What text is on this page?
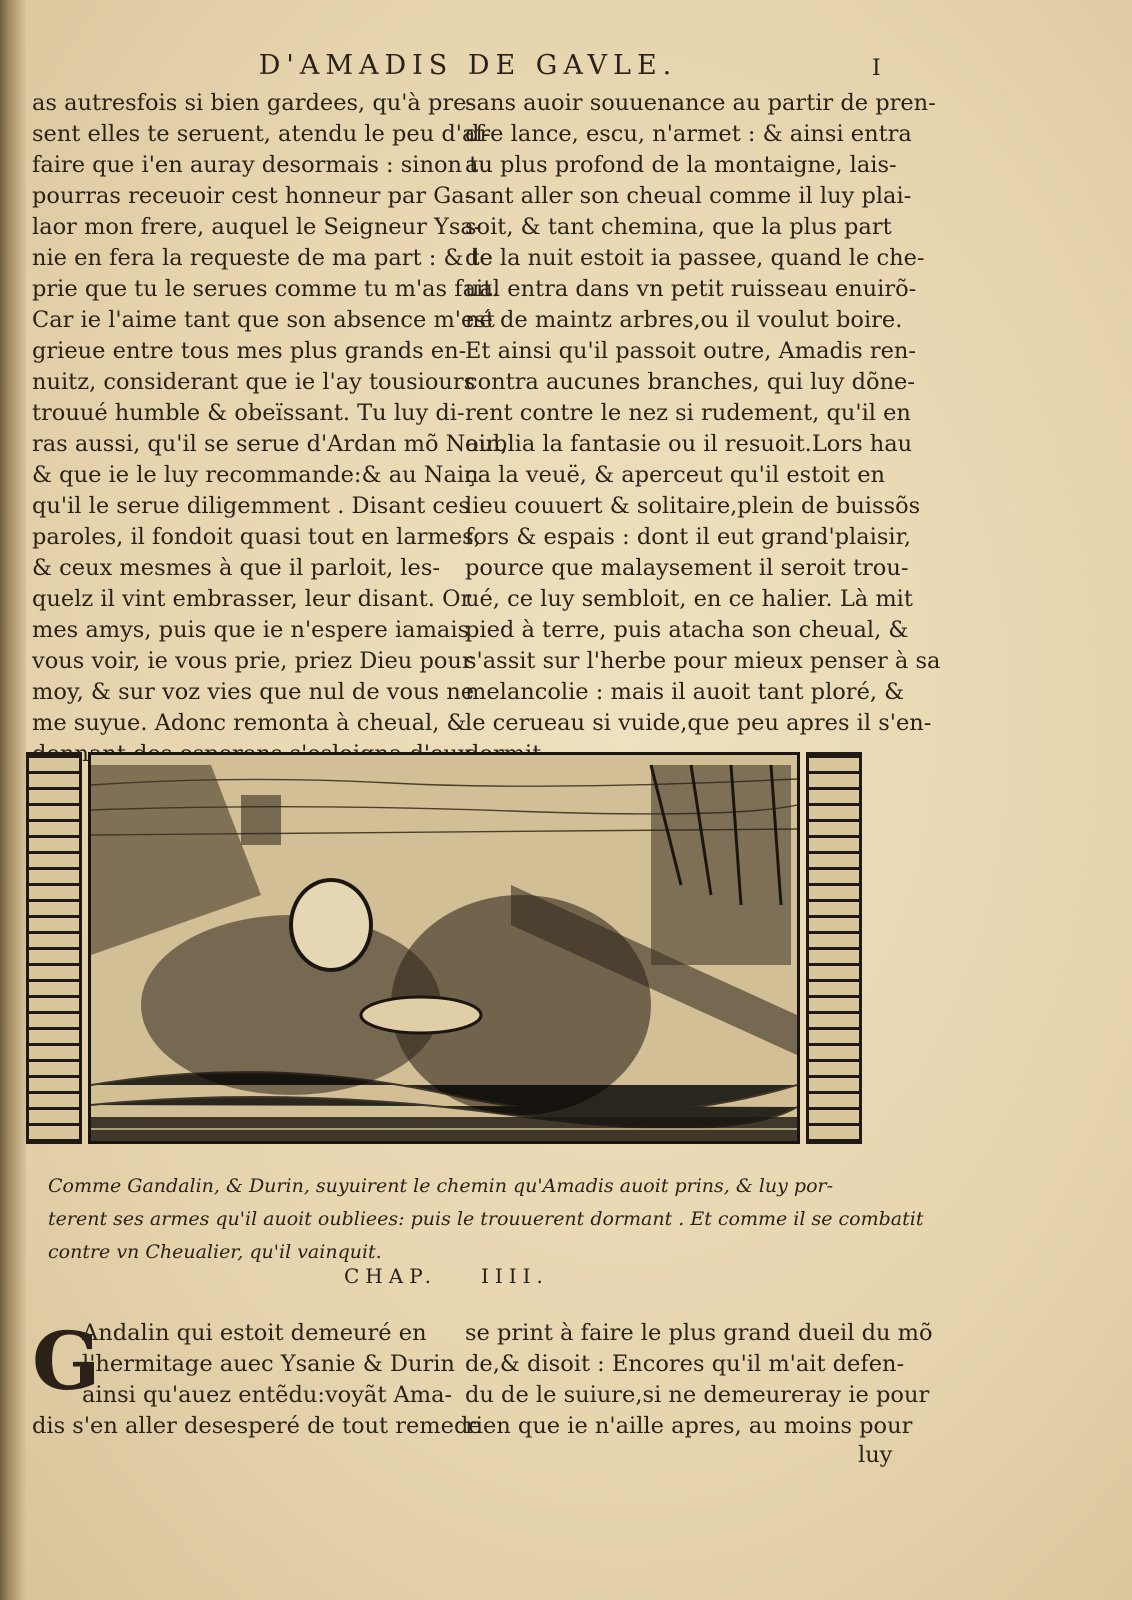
D'AMADIS DE GAVLE.	I
as autresfois si bien gardees, qu'à pre-
sent elles te seruent, atendu le peu d'af-
faire que i'en auray desormais : sinon tu
pourras receuoir cest honneur par Ga-
laor mon frere, auquel le Seigneur Ysa-
nie en fera la requeste de ma part : & te
prie que tu le serues comme tu m'as fait.
Car ie l'aime tant que son absence m'est
grieue entre tous mes plus grands en-
nuitz, considerant que ie l'ay tousiours
trouué humble & obeïssant. Tu luy di-
ras aussi, qu'il se serue d'Ardan mõ Nain,
& que ie le luy recommande:& au Nain
qu'il le serue diligemment . Disant ces
paroles, il fondoit quasi tout en larmes,
& ceux mesmes à que il parloit, les-
quelz il vint embrasser, leur disant. Or
mes amys, puis que ie n'espere iamais
vous voir, ie vous prie, priez Dieu pour
moy, & sur voz vies que nul de vous ne
me suyue. Adonc remonta à cheual, &
sans auoir souuenance au partir de pren-
dre lance, escu, n'armet : & ainsi entra
au plus profond de la montaigne, lais-
sant aller son cheual comme il luy plai-
soit, & tant chemina, que la plus part
de la nuit estoit ia passee, quand le che-
ual entra dans vn petit ruisseau enuirõ-
né de maintz arbres,ou il voulut boire.
Et ainsi qu'il passoit outre, Amadis ren-
contra aucunes branches, qui luy dõne-
rent contre le nez si rudement, qu'il en
oublia la fantasie ou il resuoit.Lors hau
ça la veuë, & aperceut qu'il estoit en
lieu couuert & solitaire,plein de buissõs
fors & espais : dont il eut grand'plaisir,
pource que malaysement il seroit trou-
ué, ce luy sembloit, en ce halier. Là mit
pied à terre, puis atacha son cheual, &
s'assit sur l'herbe pour mieux penser à sa
melancolie : mais il auoit tant ploré, &
le cerueau si vuide,que peu apres il s'en-
Comme Gandalin, & Durin, suyuirent le chemin qu'Amadis auoit prins, & luy por-
terent ses armes qu'il auoit oubliees: puis le trouuerent dormant . Et comme il se combatit
contre vn Cheualier, qu'il vainquit.
CHAP. IIII.
G
Andalin qui estoit demeuré en
l'hermitage auec Ysanie & Durin
ainsi qu'auez entẽdu:voyãt Ama-
dis s'en aller desesperé de tout remede
se print à faire le plus grand dueil du mõ
de,& disoit : Encores qu'il m'ait defen-
du de le suiure,si ne demeureray ie pour
rien que ie n'aille apres, au moins pour
luy
